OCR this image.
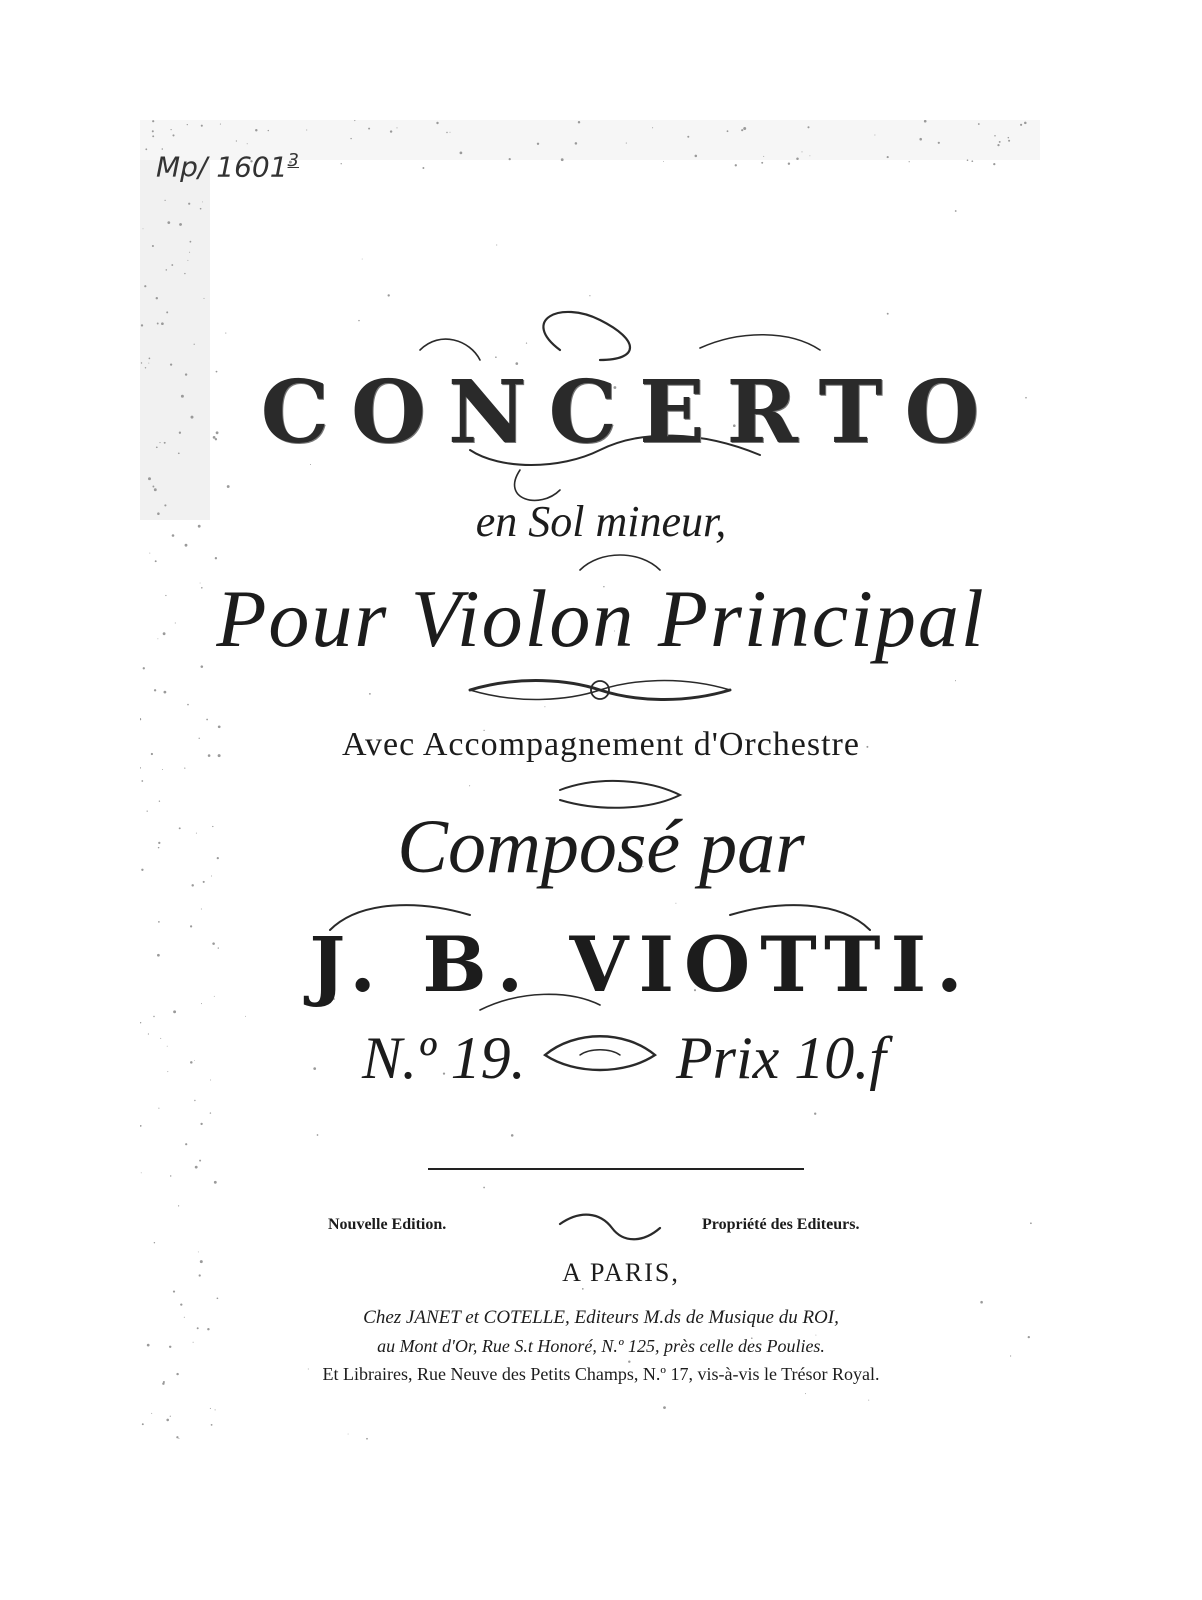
Mp/ 1601$^3$
CONCERTO
en Sol mineur,
Pour Violon Principal
Avec Accompagnement d'Orchestre
Composé par
J. B. VIOTTI.
N.º 19.	Prix 10.f
Nouvelle Edition.	Propriété des Editeurs.
A PARIS,
Chez JANET et COTELLE, Editeurs M.ds de Musique du ROI,
au Mont d'Or, Rue S.t Honoré, N.º 125, près celle des Poulies.
Et Libraires, Rue Neuve des Petits Champs, N.º 17, vis-à-vis le Trésor Royal.
